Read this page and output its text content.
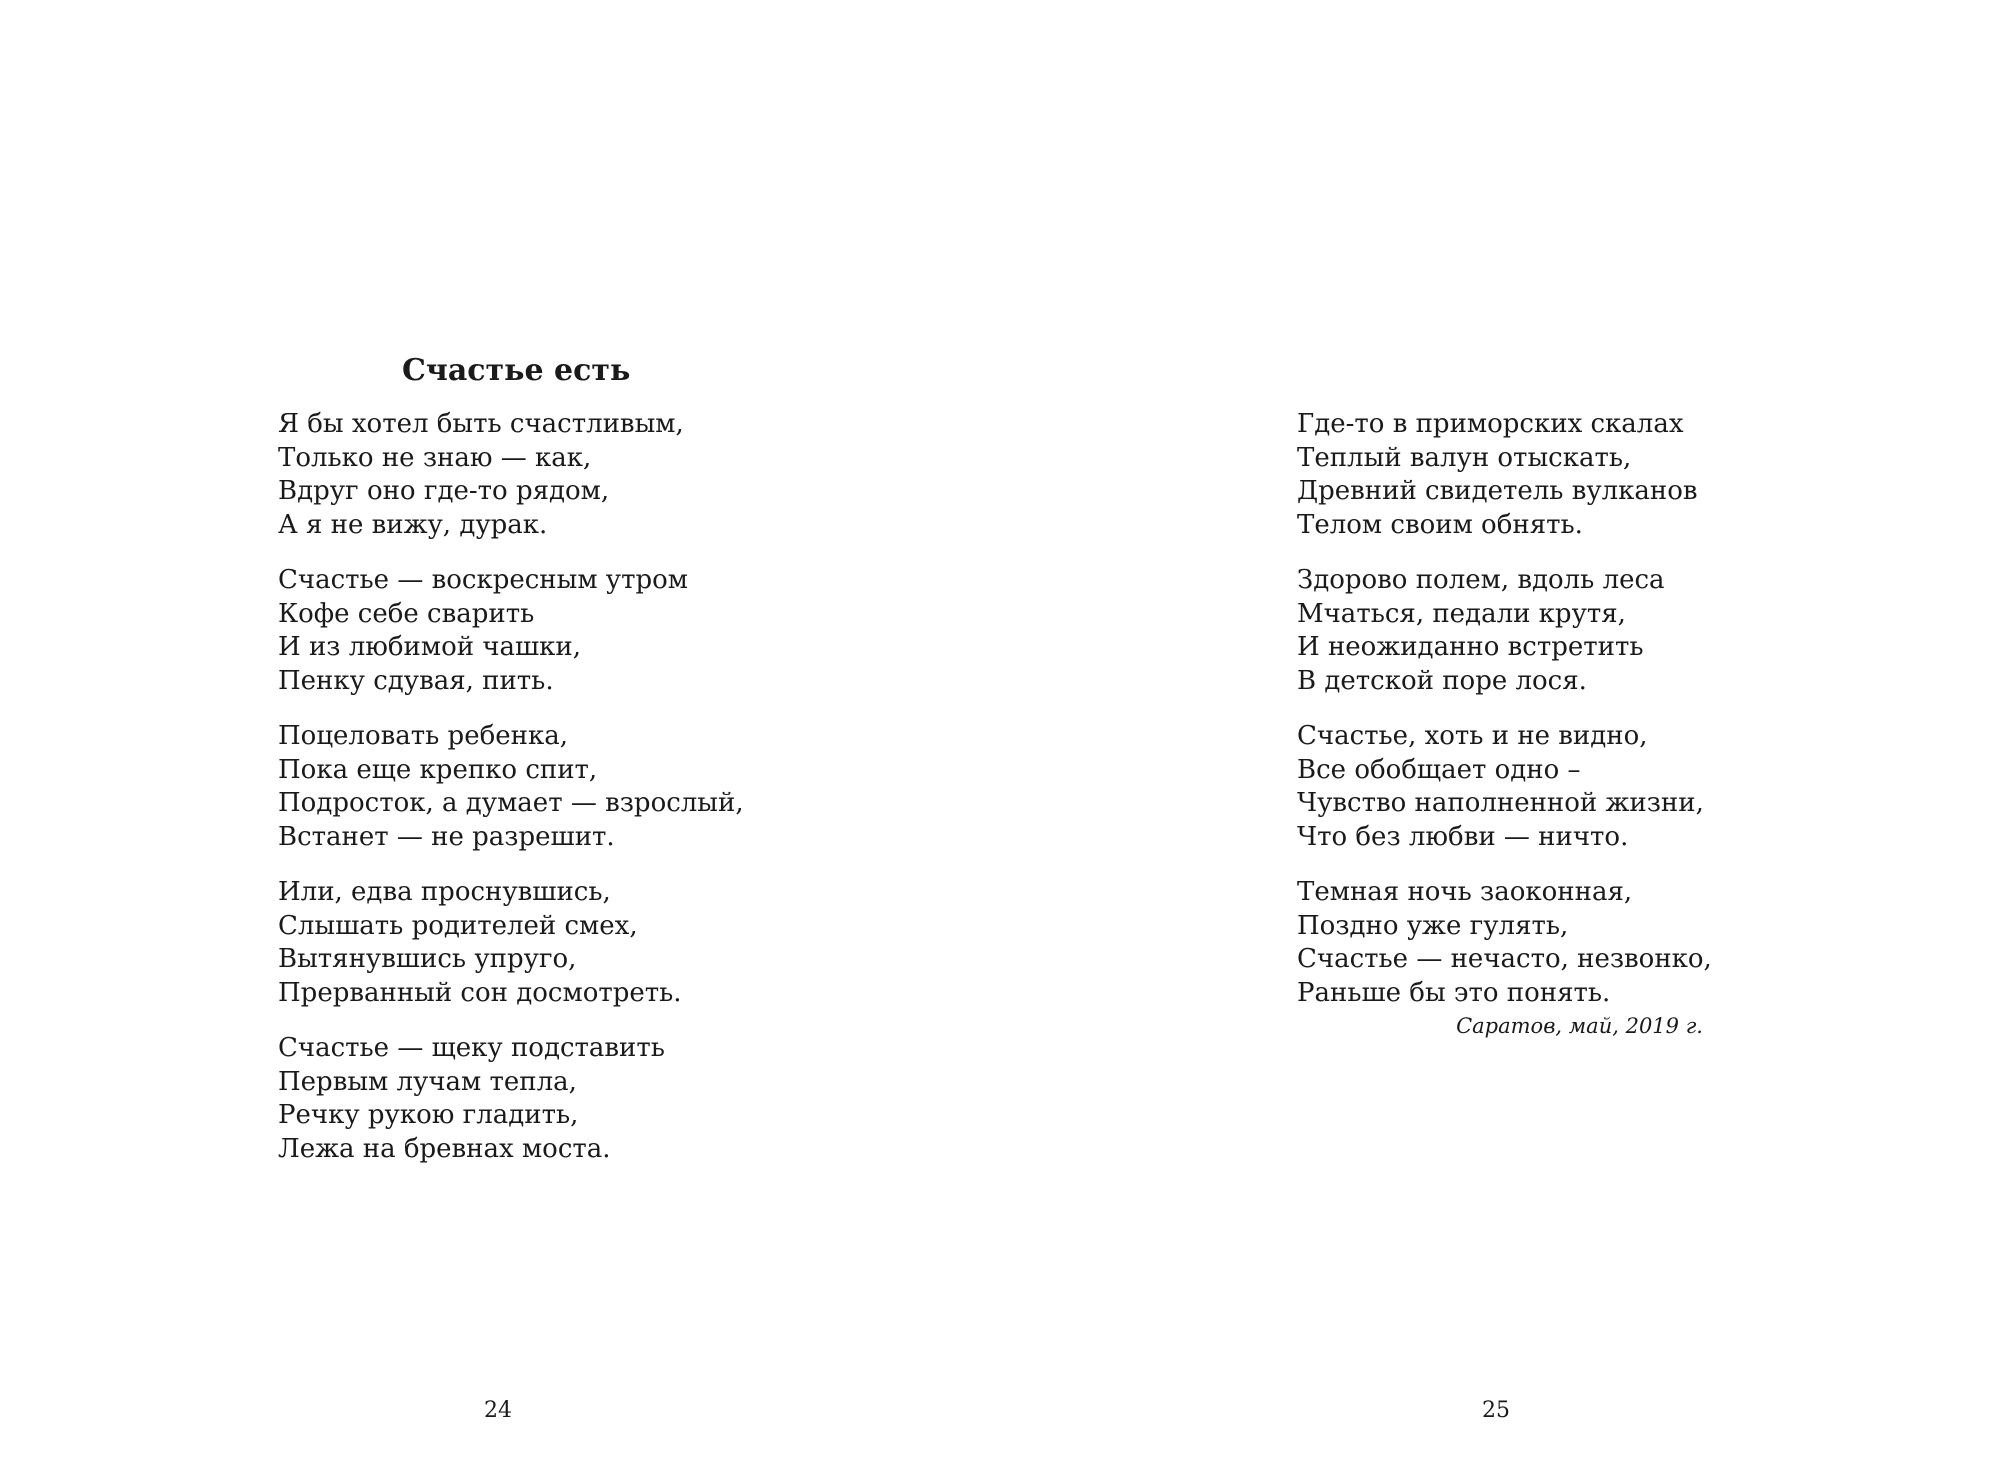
Счастье есть
Я бы хотел быть счастливым,
Только не знаю — как,
Вдруг оно где-то рядом,
А я не вижу, дурак.
Счастье — воскресным утром
Кофе себе сварить
И из любимой чашки,
Пенку сдувая, пить.
Поцеловать ребенка,
Пока еще крепко спит,
Подросток, а думает — взрослый,
Встанет — не разрешит.
Или, едва проснувшись,
Слышать родителей смех,
Вытянувшись упруго,
Прерванный сон досмотреть.
Счастье — щеку подставить
Первым лучам тепла,
Речку рукою гладить,
Лежа на бревнах моста.
24
Где-то в приморских скалах
Теплый валун отыскать,
Древний свидетель вулканов
Телом своим обнять.
Здорово полем, вдоль леса
Мчаться, педали крутя,
И неожиданно встретить
В детской поре лося.
Счастье, хоть и не видно,
Все обобщает одно –
Чувство наполненной жизни,
Что без любви — ничто.
Темная ночь заоконная,
Поздно уже гулять,
Счастье — нечасто, незвонко,
Раньше бы это понять.
Саратов, май, 2019 г.
25
